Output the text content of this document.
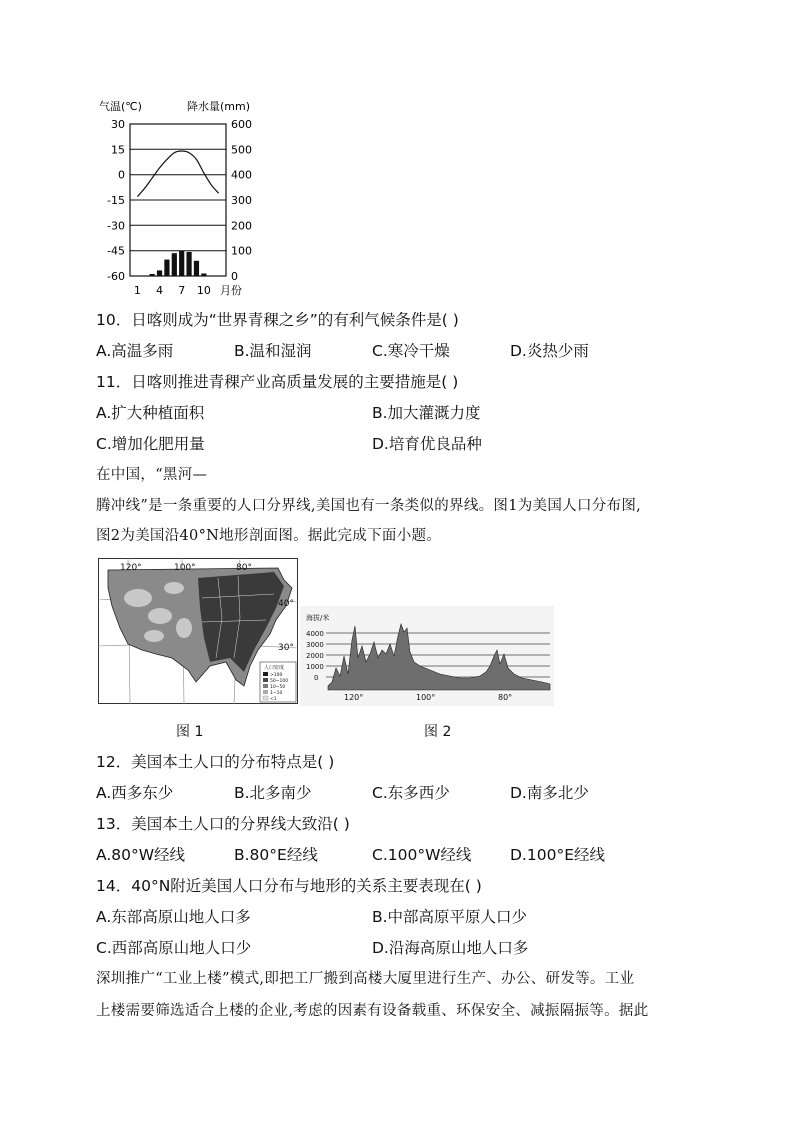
气温(℃)	降水量(mm)
30
15
0
-15
-30
-45
-60
600
500
400
300
200
100
0
1 4 7 10 月份
10．日喀则成为“世界青稞之乡”的有利气候条件是( )
A.高温多雨	B.温和湿润	C.寒冷干燥	D.炎热少雨
11．日喀则推进青稞产业高质量发展的主要措施是( )
A.扩大种植面积	B.加大灌溉力度
C.增加化肥用量	D.培育优良品种
在中国，“黑河—
腾冲线”是一条重要的人口分界线,美国也有一条类似的界线。图1为美国人口分布图,
图2为美国沿40°N地形剖面图。据此完成下面小题。
120°	100°	80°
40°
30°
人口密度
>100
50~100
10~50
1~10
<1
海拔/米
4000
3000
2000
1000
0
120°	100°	80°
图 1	图 2
12．美国本土人口的分布特点是( )
A.西多东少	B.北多南少	C.东多西少	D.南多北少
13．美国本土人口的分界线大致沿( )
A.80°W经线	B.80°E经线	C.100°W经线 D.100°E经线
14．40°N附近美国人口分布与地形的关系主要表现在( )
A.东部高原山地人口多	B.中部高原平原人口少
C.西部高原山地人口少	D.沿海高原山地人口多
深圳推广“工业上楼”模式,即把工厂搬到高楼大厦里进行生产、办公、研发等。工业
上楼需要筛选适合上楼的企业,考虑的因素有设备载重、环保安全、减振隔振等。据此
